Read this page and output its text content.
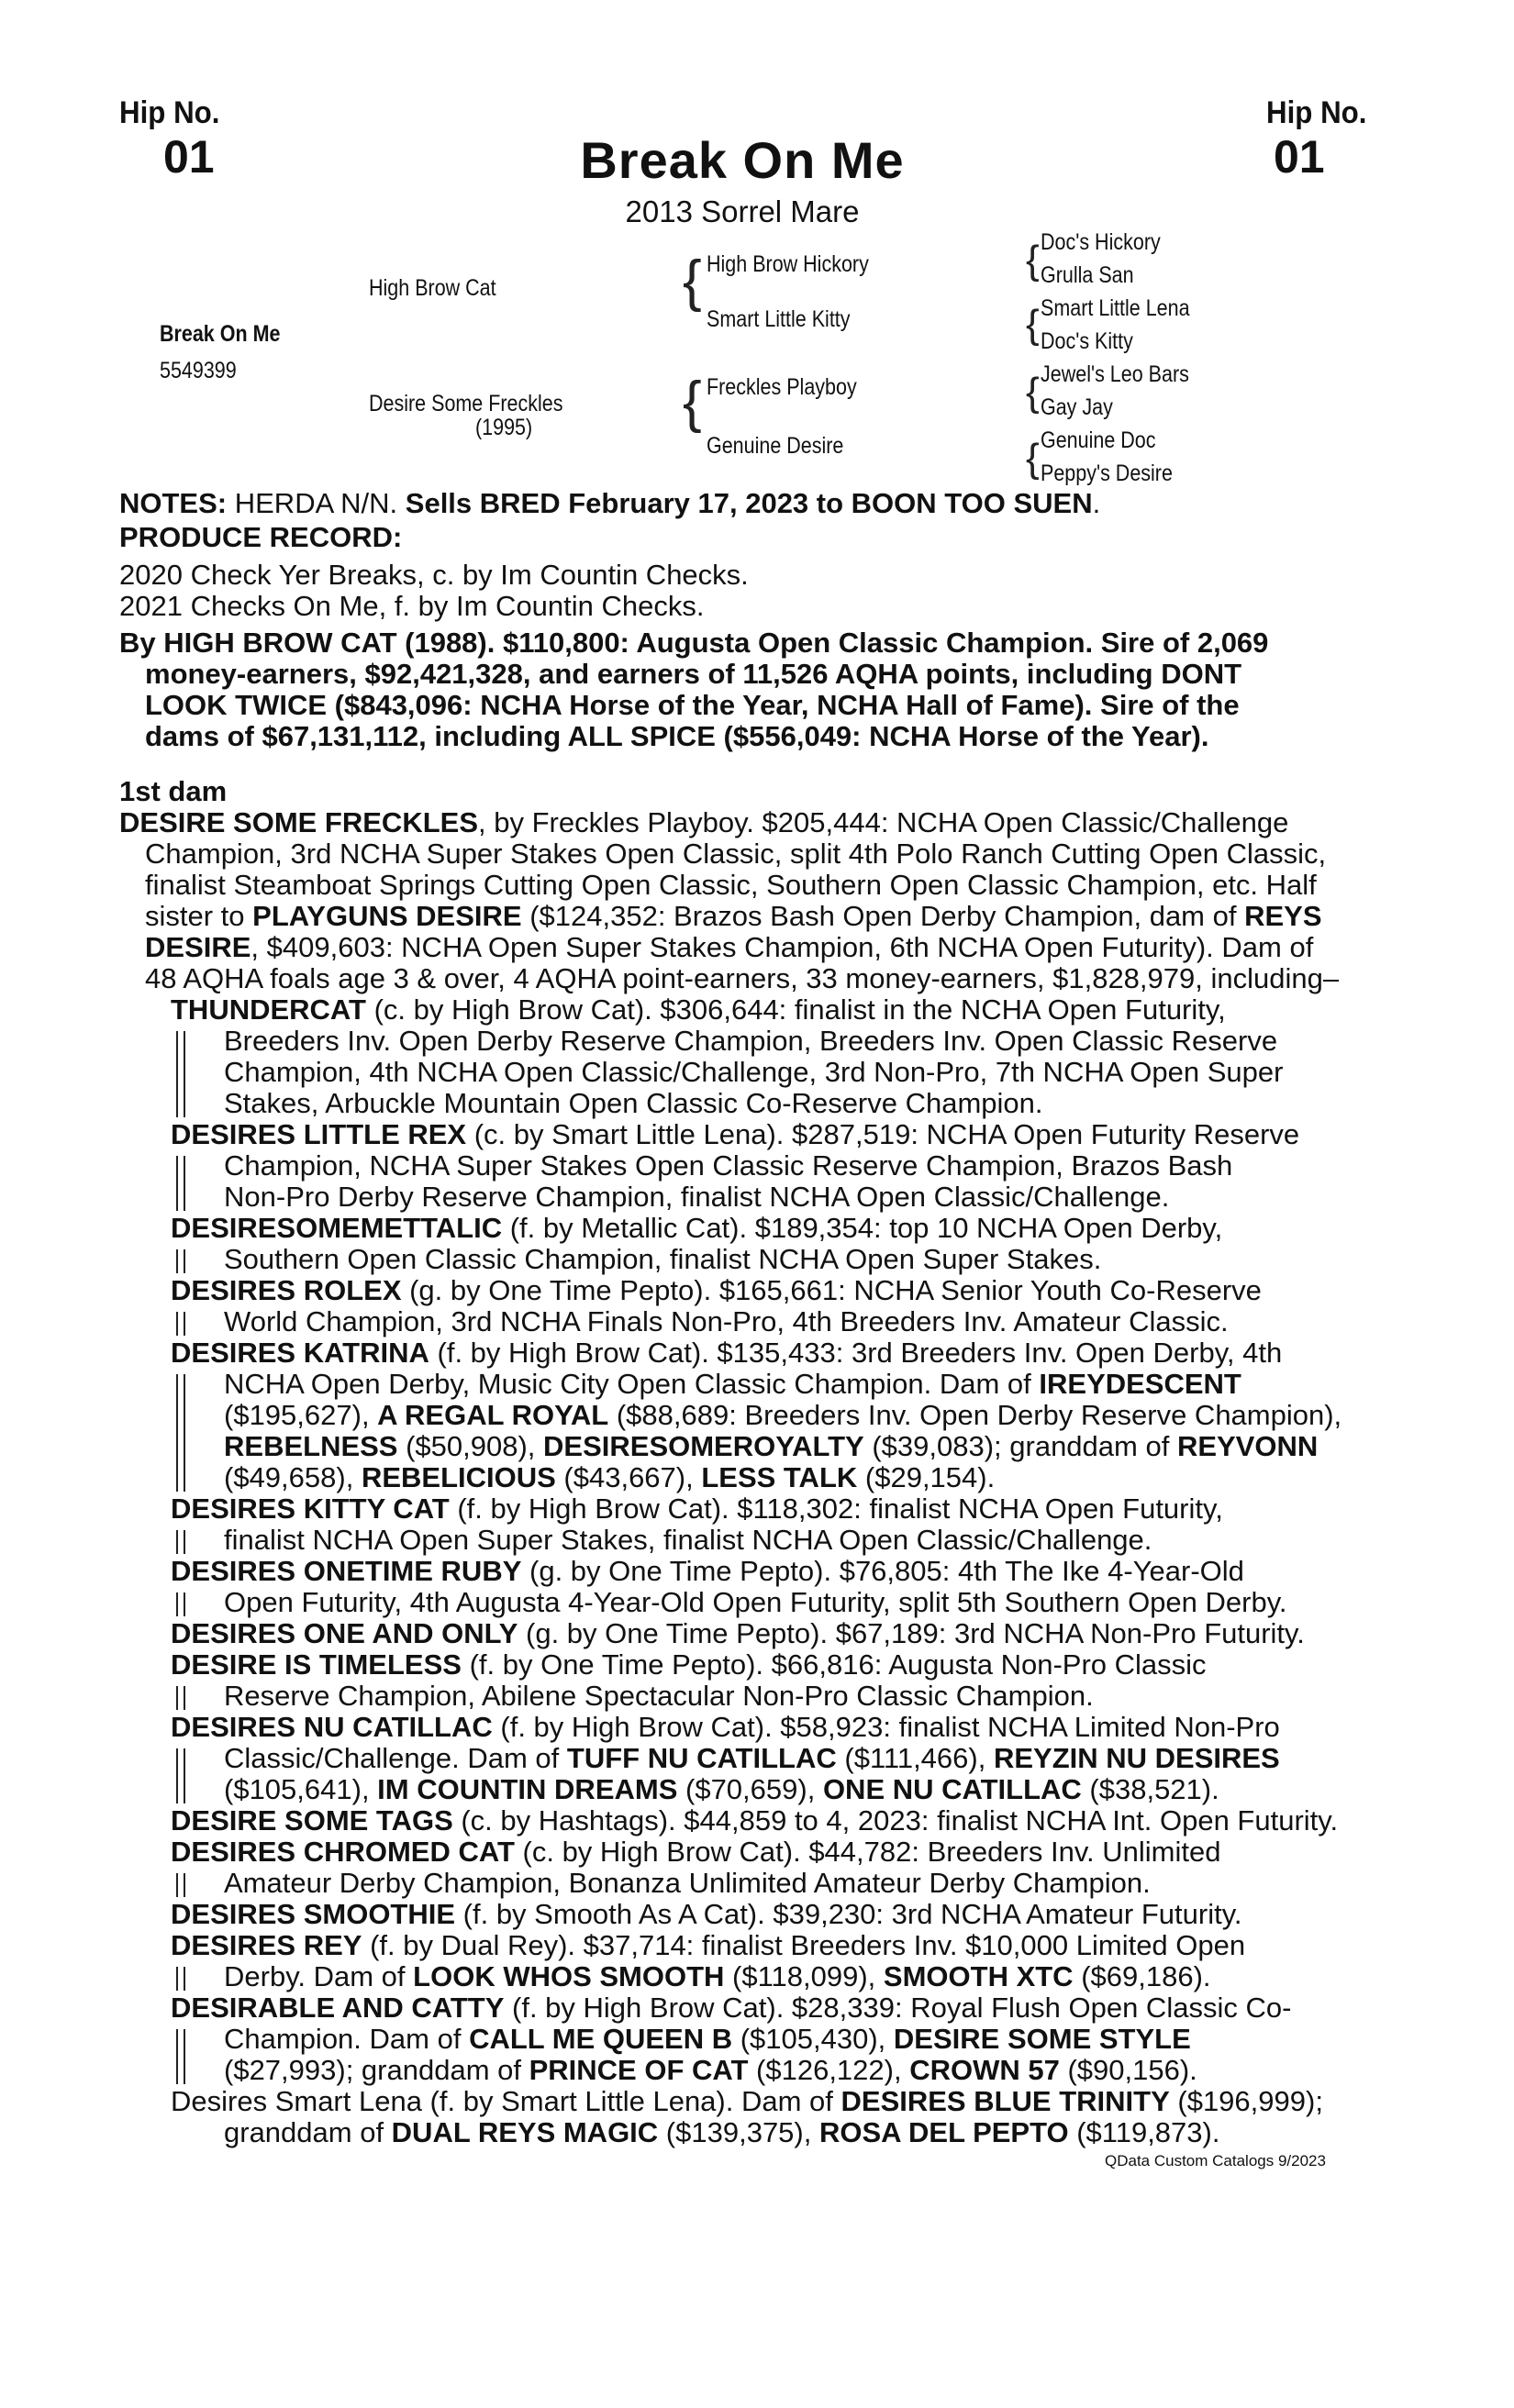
Hip No.
01
Hip No.
01
Break On Me
2013 Sorrel Mare
Break On Me
5549399
High Brow Cat
Desire Some Freckles
(1995)
{ High Brow Hickory
Smart Little Kitty
{ Freckles Playboy
Genuine Desire
{ Doc's Hickory
Grulla San
{ Smart Little Lena
Doc's Kitty
{ Jewel's Leo Bars
Gay Jay
{ Genuine Doc
Peppy's Desire
NOTES: HERDA N/N. Sells BRED February 17, 2023 to BOON TOO SUEN.
PRODUCE RECORD:
2020 Check Yer Breaks, c. by Im Countin Checks.
2021 Checks On Me, f. by Im Countin Checks.
By HIGH BROW CAT (1988). $110,800: Augusta Open Classic Champion. Sire of 2,069
money-earners, $92,421,328, and earners of 11,526 AQHA points, including DONT
LOOK TWICE ($843,096: NCHA Horse of the Year, NCHA Hall of Fame). Sire of the
dams of $67,131,112, including ALL SPICE ($556,049: NCHA Horse of the Year).
1st dam
DESIRE SOME FRECKLES, by Freckles Playboy. $205,444: NCHA Open Classic/Challenge
Champion, 3rd NCHA Super Stakes Open Classic, split 4th Polo Ranch Cutting Open Classic,
finalist Steamboat Springs Cutting Open Classic, Southern Open Classic Champion, etc. Half
sister to PLAYGUNS DESIRE ($124,352: Brazos Bash Open Derby Champion, dam of REYS
DESIRE, $409,603: NCHA Open Super Stakes Champion, 6th NCHA Open Futurity). Dam of
48 AQHA foals age 3 & over, 4 AQHA point-earners, 33 money-earners, $1,828,979, including–
THUNDERCAT (c. by High Brow Cat). $306,644: finalist in the NCHA Open Futurity,
Breeders Inv. Open Derby Reserve Champion, Breeders Inv. Open Classic Reserve
Champion, 4th NCHA Open Classic/Challenge, 3rd Non-Pro, 7th NCHA Open Super
Stakes, Arbuckle Mountain Open Classic Co-Reserve Champion.
DESIRES LITTLE REX (c. by Smart Little Lena). $287,519: NCHA Open Futurity Reserve
Champion, NCHA Super Stakes Open Classic Reserve Champion, Brazos Bash
Non-Pro Derby Reserve Champion, finalist NCHA Open Classic/Challenge.
DESIRESOMEMETTALIC (f. by Metallic Cat). $189,354: top 10 NCHA Open Derby,
Southern Open Classic Champion, finalist NCHA Open Super Stakes.
DESIRES ROLEX (g. by One Time Pepto). $165,661: NCHA Senior Youth Co-Reserve
World Champion, 3rd NCHA Finals Non-Pro, 4th Breeders Inv. Amateur Classic.
DESIRES KATRINA (f. by High Brow Cat). $135,433: 3rd Breeders Inv. Open Derby, 4th
NCHA Open Derby, Music City Open Classic Champion. Dam of IREYDESCENT
($195,627), A REGAL ROYAL ($88,689: Breeders Inv. Open Derby Reserve Champion),
REBELNESS ($50,908), DESIRESOMEROYALTY ($39,083); granddam of REYVONN
($49,658), REBELICIOUS ($43,667), LESS TALK ($29,154).
DESIRES KITTY CAT (f. by High Brow Cat). $118,302: finalist NCHA Open Futurity,
finalist NCHA Open Super Stakes, finalist NCHA Open Classic/Challenge.
DESIRES ONETIME RUBY (g. by One Time Pepto). $76,805: 4th The Ike 4-Year-Old
Open Futurity, 4th Augusta 4-Year-Old Open Futurity, split 5th Southern Open Derby.
DESIRES ONE AND ONLY (g. by One Time Pepto). $67,189: 3rd NCHA Non-Pro Futurity.
DESIRE IS TIMELESS (f. by One Time Pepto). $66,816: Augusta Non-Pro Classic
Reserve Champion, Abilene Spectacular Non-Pro Classic Champion.
DESIRES NU CATILLAC (f. by High Brow Cat). $58,923: finalist NCHA Limited Non-Pro
Classic/Challenge. Dam of TUFF NU CATILLAC ($111,466), REYZIN NU DESIRES
($105,641), IM COUNTIN DREAMS ($70,659), ONE NU CATILLAC ($38,521).
DESIRE SOME TAGS (c. by Hashtags). $44,859 to 4, 2023: finalist NCHA Int. Open Futurity.
DESIRES CHROMED CAT (c. by High Brow Cat). $44,782: Breeders Inv. Unlimited
Amateur Derby Champion, Bonanza Unlimited Amateur Derby Champion.
DESIRES SMOOTHIE (f. by Smooth As A Cat). $39,230: 3rd NCHA Amateur Futurity.
DESIRES REY (f. by Dual Rey). $37,714: finalist Breeders Inv. $10,000 Limited Open
Derby. Dam of LOOK WHOS SMOOTH ($118,099), SMOOTH XTC ($69,186).
DESIRABLE AND CATTY (f. by High Brow Cat). $28,339: Royal Flush Open Classic Co-
Champion. Dam of CALL ME QUEEN B ($105,430), DESIRE SOME STYLE
($27,993); granddam of PRINCE OF CAT ($126,122), CROWN 57 ($90,156).
Desires Smart Lena (f. by Smart Little Lena). Dam of DESIRES BLUE TRINITY ($196,999);
granddam of DUAL REYS MAGIC ($139,375), ROSA DEL PEPTO ($119,873).
QData Custom Catalogs 9/2023
